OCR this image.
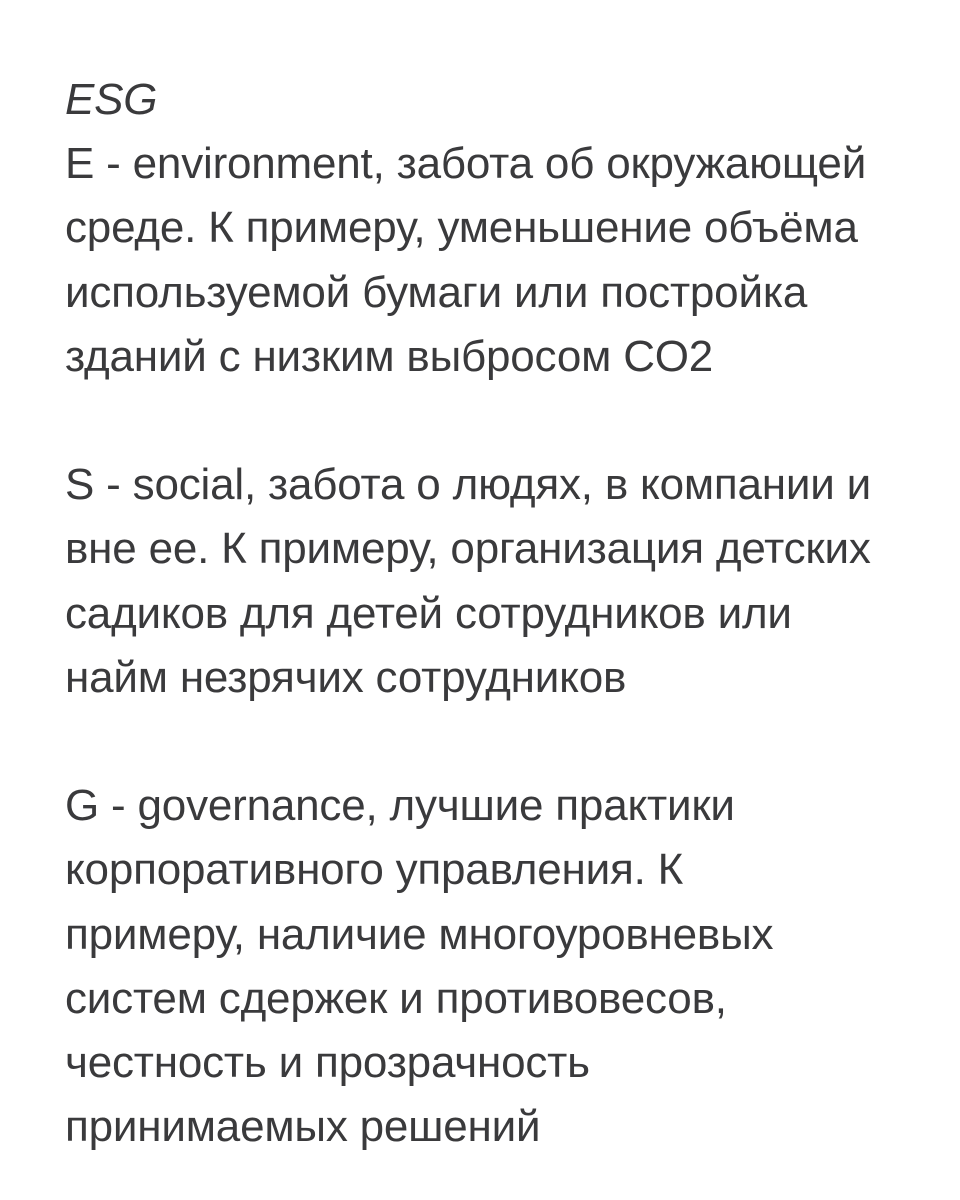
ESG
E - environment, забота об окружающей
среде. К примеру, уменьшение объёма
используемой бумаги или постройка
зданий с низким выбросом CO2
S - social, забота о людях, в компании и
вне ее. К примеру, организация детских
садиков для детей сотрудников или
найм незрячих сотрудников
G - governance, лучшие практики
корпоративного управления. К
примеру, наличие многоуровневых
систем сдержек и противовесов,
честность и прозрачность
принимаемых решений
